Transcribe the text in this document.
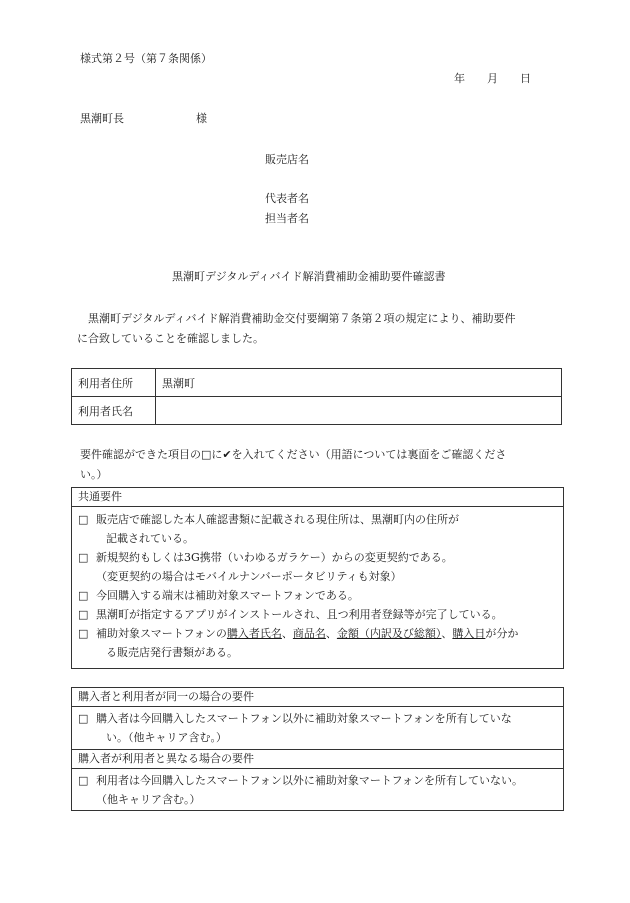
様式第２号（第７条関係）
年　　月　　日
黒潮町長	様
販売店名
代表者名
担当者名
黒潮町デジタルディバイド解消費補助金補助要件確認書
黒潮町デジタルディバイド解消費補助金交付要綱第７条第２項の規定により、補助要件
に合致していることを確認しました。
利用者住所	黒潮町
利用者氏名	
要件確認ができた項目の□に✔を入れてください（用語については裏面をご確認くださ
い。）
共通要件
□ 販売店で確認した本人確認書類に記載される現住所は、黒潮町内の住所が
記載されている。
□ 新規契約もしくは3G携帯（いわゆるガラケー）からの変更契約である。
（変更契約の場合はモバイルナンバーポータビリティも対象）
□ 今回購入する端末は補助対象スマートフォンである。
□ 黒潮町が指定するアプリがインストールされ、且つ利用者登録等が完了している。
□ 補助対象スマートフォンの購入者氏名、商品名、金額（内訳及び総額）、購入日が分か
る販売店発行書類がある。
購入者と利用者が同一の場合の要件
□ 購入者は今回購入したスマートフォン以外に補助対象スマートフォンを所有していな
い。（他キャリア含む。）
購入者が利用者と異なる場合の要件
□ 利用者は今回購入したスマートフォン以外に補助対象マートフォンを所有していない。
（他キャリア含む。）
